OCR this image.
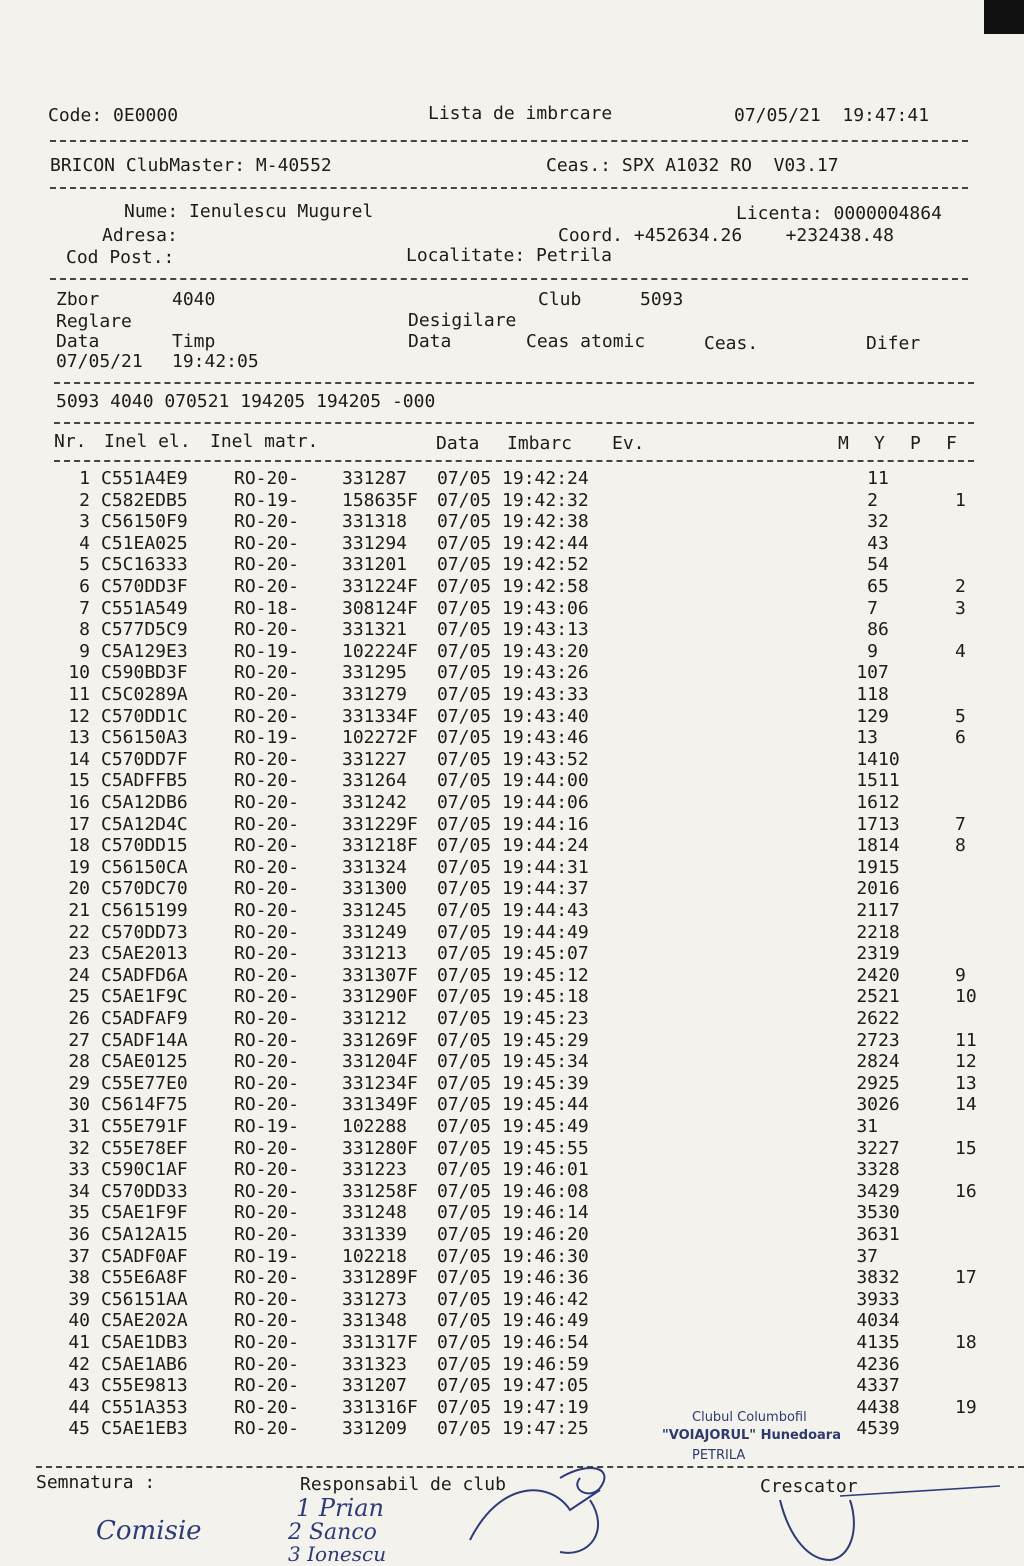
Code: 0E0000	Lista de imbrcare	07/05/21  19:47:41
BRICON ClubMaster: M-40552	Ceas.: SPX A1032 RO  V03.17
Nume: Ienulescu Mugurel	Licenta: 0000004864
Adresa:	Coord. +452634.26    +232438.48
Cod Post.:	Localitate: Petrila
Zbor	4040	Club	5093
Reglare	Desigilare
Data	Timp	Data	Ceas atomic	Ceas.	Difer
07/05/21 19:42:05
5093 4040 070521 194205 194205 -000
Nr. Inel el. Inel matr.	Data Imbarc Ev.	M Y P F
1 C551A4E9	RO-20- 331287 07/05 19:42:24	1 1
2 C582EDB5	RO-19- 158635F 07/05 19:42:32	2	1
3 C56150F9	RO-20- 331318 07/05 19:42:38	3 2
4 C51EA025	RO-20- 331294 07/05 19:42:44	4 3
5 C5C16333	RO-20- 331201 07/05 19:42:52	5 4
6 C570DD3F	RO-20- 331224F 07/05 19:42:58	6 5	2
7 C551A549	RO-18- 308124F 07/05 19:43:06	7	3
8 C577D5C9	RO-20- 331321 07/05 19:43:13	8 6
9 C5A129E3	RO-19- 102224F 07/05 19:43:20	9	4
10 C590BD3F	RO-20- 331295 07/05 19:43:26	10 7
11 C5C0289A	RO-20- 331279 07/05 19:43:33	11 8
12 C570DD1C	RO-20- 331334F 07/05 19:43:40	12 9	5
13 C56150A3	RO-19- 102272F 07/05 19:43:46	13	6
14 C570DD7F	RO-20- 331227 07/05 19:43:52	14 10
15 C5ADFFB5	RO-20- 331264 07/05 19:44:00	15 11
16 C5A12DB6	RO-20- 331242 07/05 19:44:06	16 12
17 C5A12D4C	RO-20- 331229F 07/05 19:44:16	17 13	7
18 C570DD15	RO-20- 331218F 07/05 19:44:24	18 14	8
19 C56150CA	RO-20- 331324 07/05 19:44:31	19 15
20 C570DC70	RO-20- 331300 07/05 19:44:37	20 16
21 C5615199	RO-20- 331245 07/05 19:44:43	21 17
22 C570DD73	RO-20- 331249 07/05 19:44:49	22 18
23 C5AE2013	RO-20- 331213 07/05 19:45:07	23 19
24 C5ADFD6A	RO-20- 331307F 07/05 19:45:12	24 20	9
25 C5AE1F9C	RO-20- 331290F 07/05 19:45:18	25 21	10
26 C5ADFAF9	RO-20- 331212 07/05 19:45:23	26 22
27 C5ADF14A	RO-20- 331269F 07/05 19:45:29	27 23	11
28 C5AE0125	RO-20- 331204F 07/05 19:45:34	28 24	12
29 C55E77E0	RO-20- 331234F 07/05 19:45:39	29 25	13
30 C5614F75	RO-20- 331349F 07/05 19:45:44	30 26	14
31 C55E791F	RO-19- 102288 07/05 19:45:49	31
32 C55E78EF	RO-20- 331280F 07/05 19:45:55	32 27	15
33 C590C1AF	RO-20- 331223 07/05 19:46:01	33 28
34 C570DD33	RO-20- 331258F 07/05 19:46:08	34 29	16
35 C5AE1F9F	RO-20- 331248 07/05 19:46:14	35 30
36 C5A12A15	RO-20- 331339 07/05 19:46:20	36 31
37 C5ADF0AF	RO-19- 102218 07/05 19:46:30	37
38 C55E6A8F	RO-20- 331289F 07/05 19:46:36	38 32	17
39 C56151AA	RO-20- 331273 07/05 19:46:42	39 33
40 C5AE202A	RO-20- 331348 07/05 19:46:49	40 34
41 C5AE1DB3	RO-20- 331317F 07/05 19:46:54	41 35	18
42 C5AE1AB6	RO-20- 331323 07/05 19:46:59	42 36
43 C55E9813	RO-20- 331207 07/05 19:47:05	43 37
44 C551A353	RO-20- 331316F 07/05 19:47:19	44 38	19
45 C5AE1EB3	RO-20- 331209 07/05 19:47:25	45 39
Semnatura :	Responsabil de club	Crescator
Clubul Columbofil
"VOIAJORUL" Hunedoara
PETRILA
Comisie
1 Prian
2 Sanco
3 Ionescu
